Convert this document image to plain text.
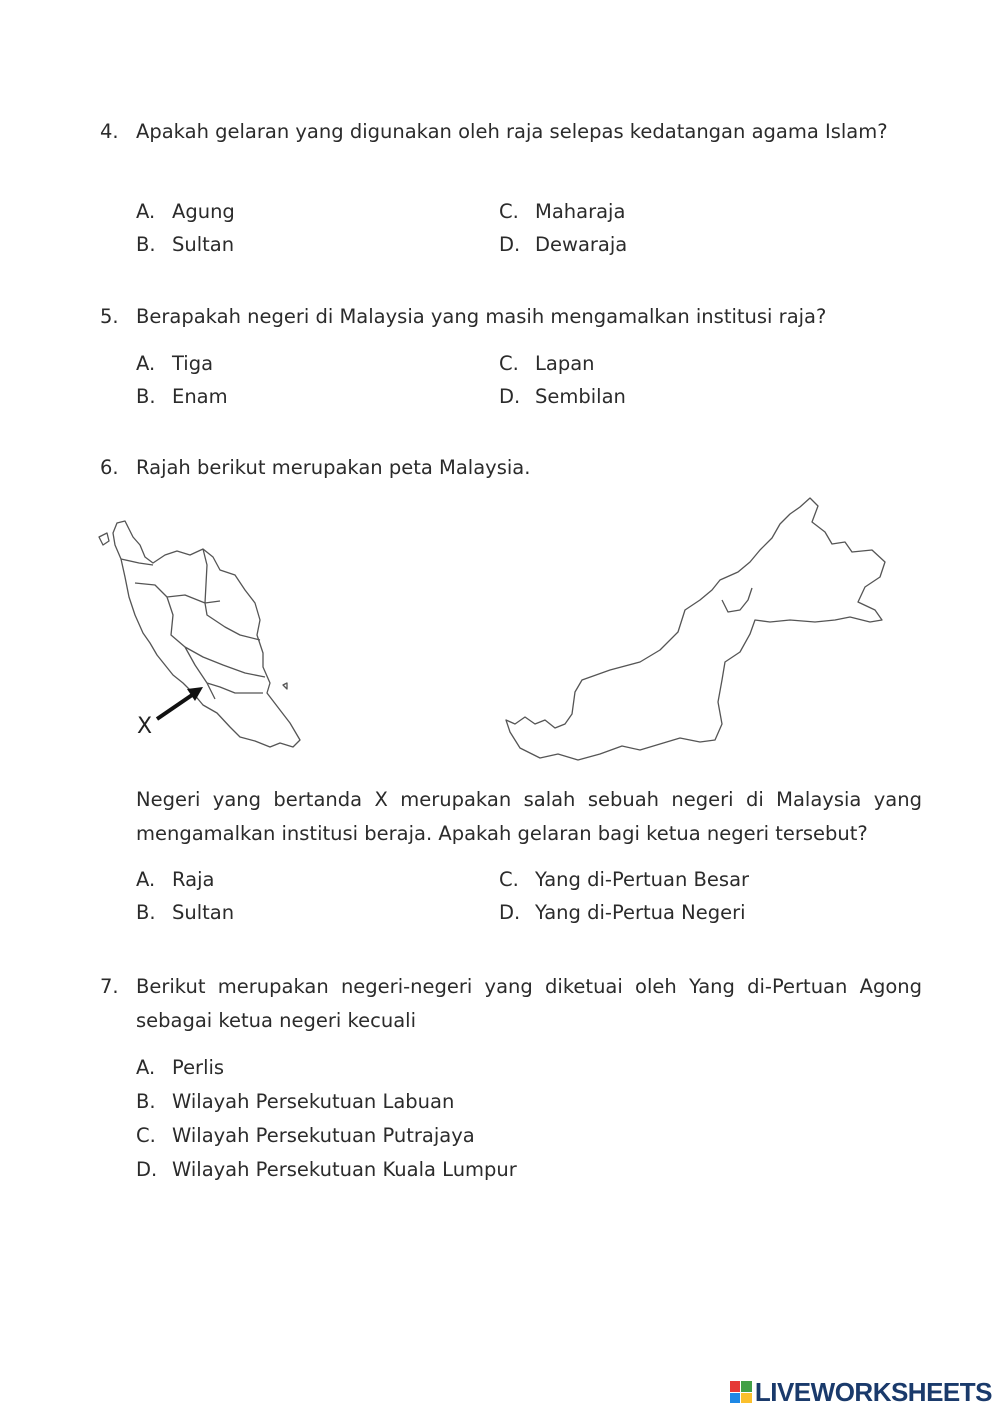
4. Apakah gelaran yang digunakan oleh raja selepas kedatangan agama Islam?
A. Agung
B. Sultan
C. Maharaja
D. Dewaraja
5. Berapakah negeri di Malaysia yang masih mengamalkan institusi raja?
A. Tiga
B. Enam
C. Lapan
D. Sembilan
6. Rajah berikut merupakan peta Malaysia.
X
Negeri yang bertanda X merupakan salah sebuah negeri di Malaysia yang mengamalkan institusi beraja. Apakah gelaran bagi ketua negeri tersebut?
A. Raja
B. Sultan
C. Yang di-Pertuan Besar
D. Yang di-Pertua Negeri
7. Berikut merupakan negeri-negeri yang diketuai oleh Yang di-Pertuan Agong sebagai ketua negeri kecuali
A. Perlis
B. Wilayah Persekutuan Labuan
C. Wilayah Persekutuan Putrajaya
D. Wilayah Persekutuan Kuala Lumpur
LIVEWORKSHEETS
